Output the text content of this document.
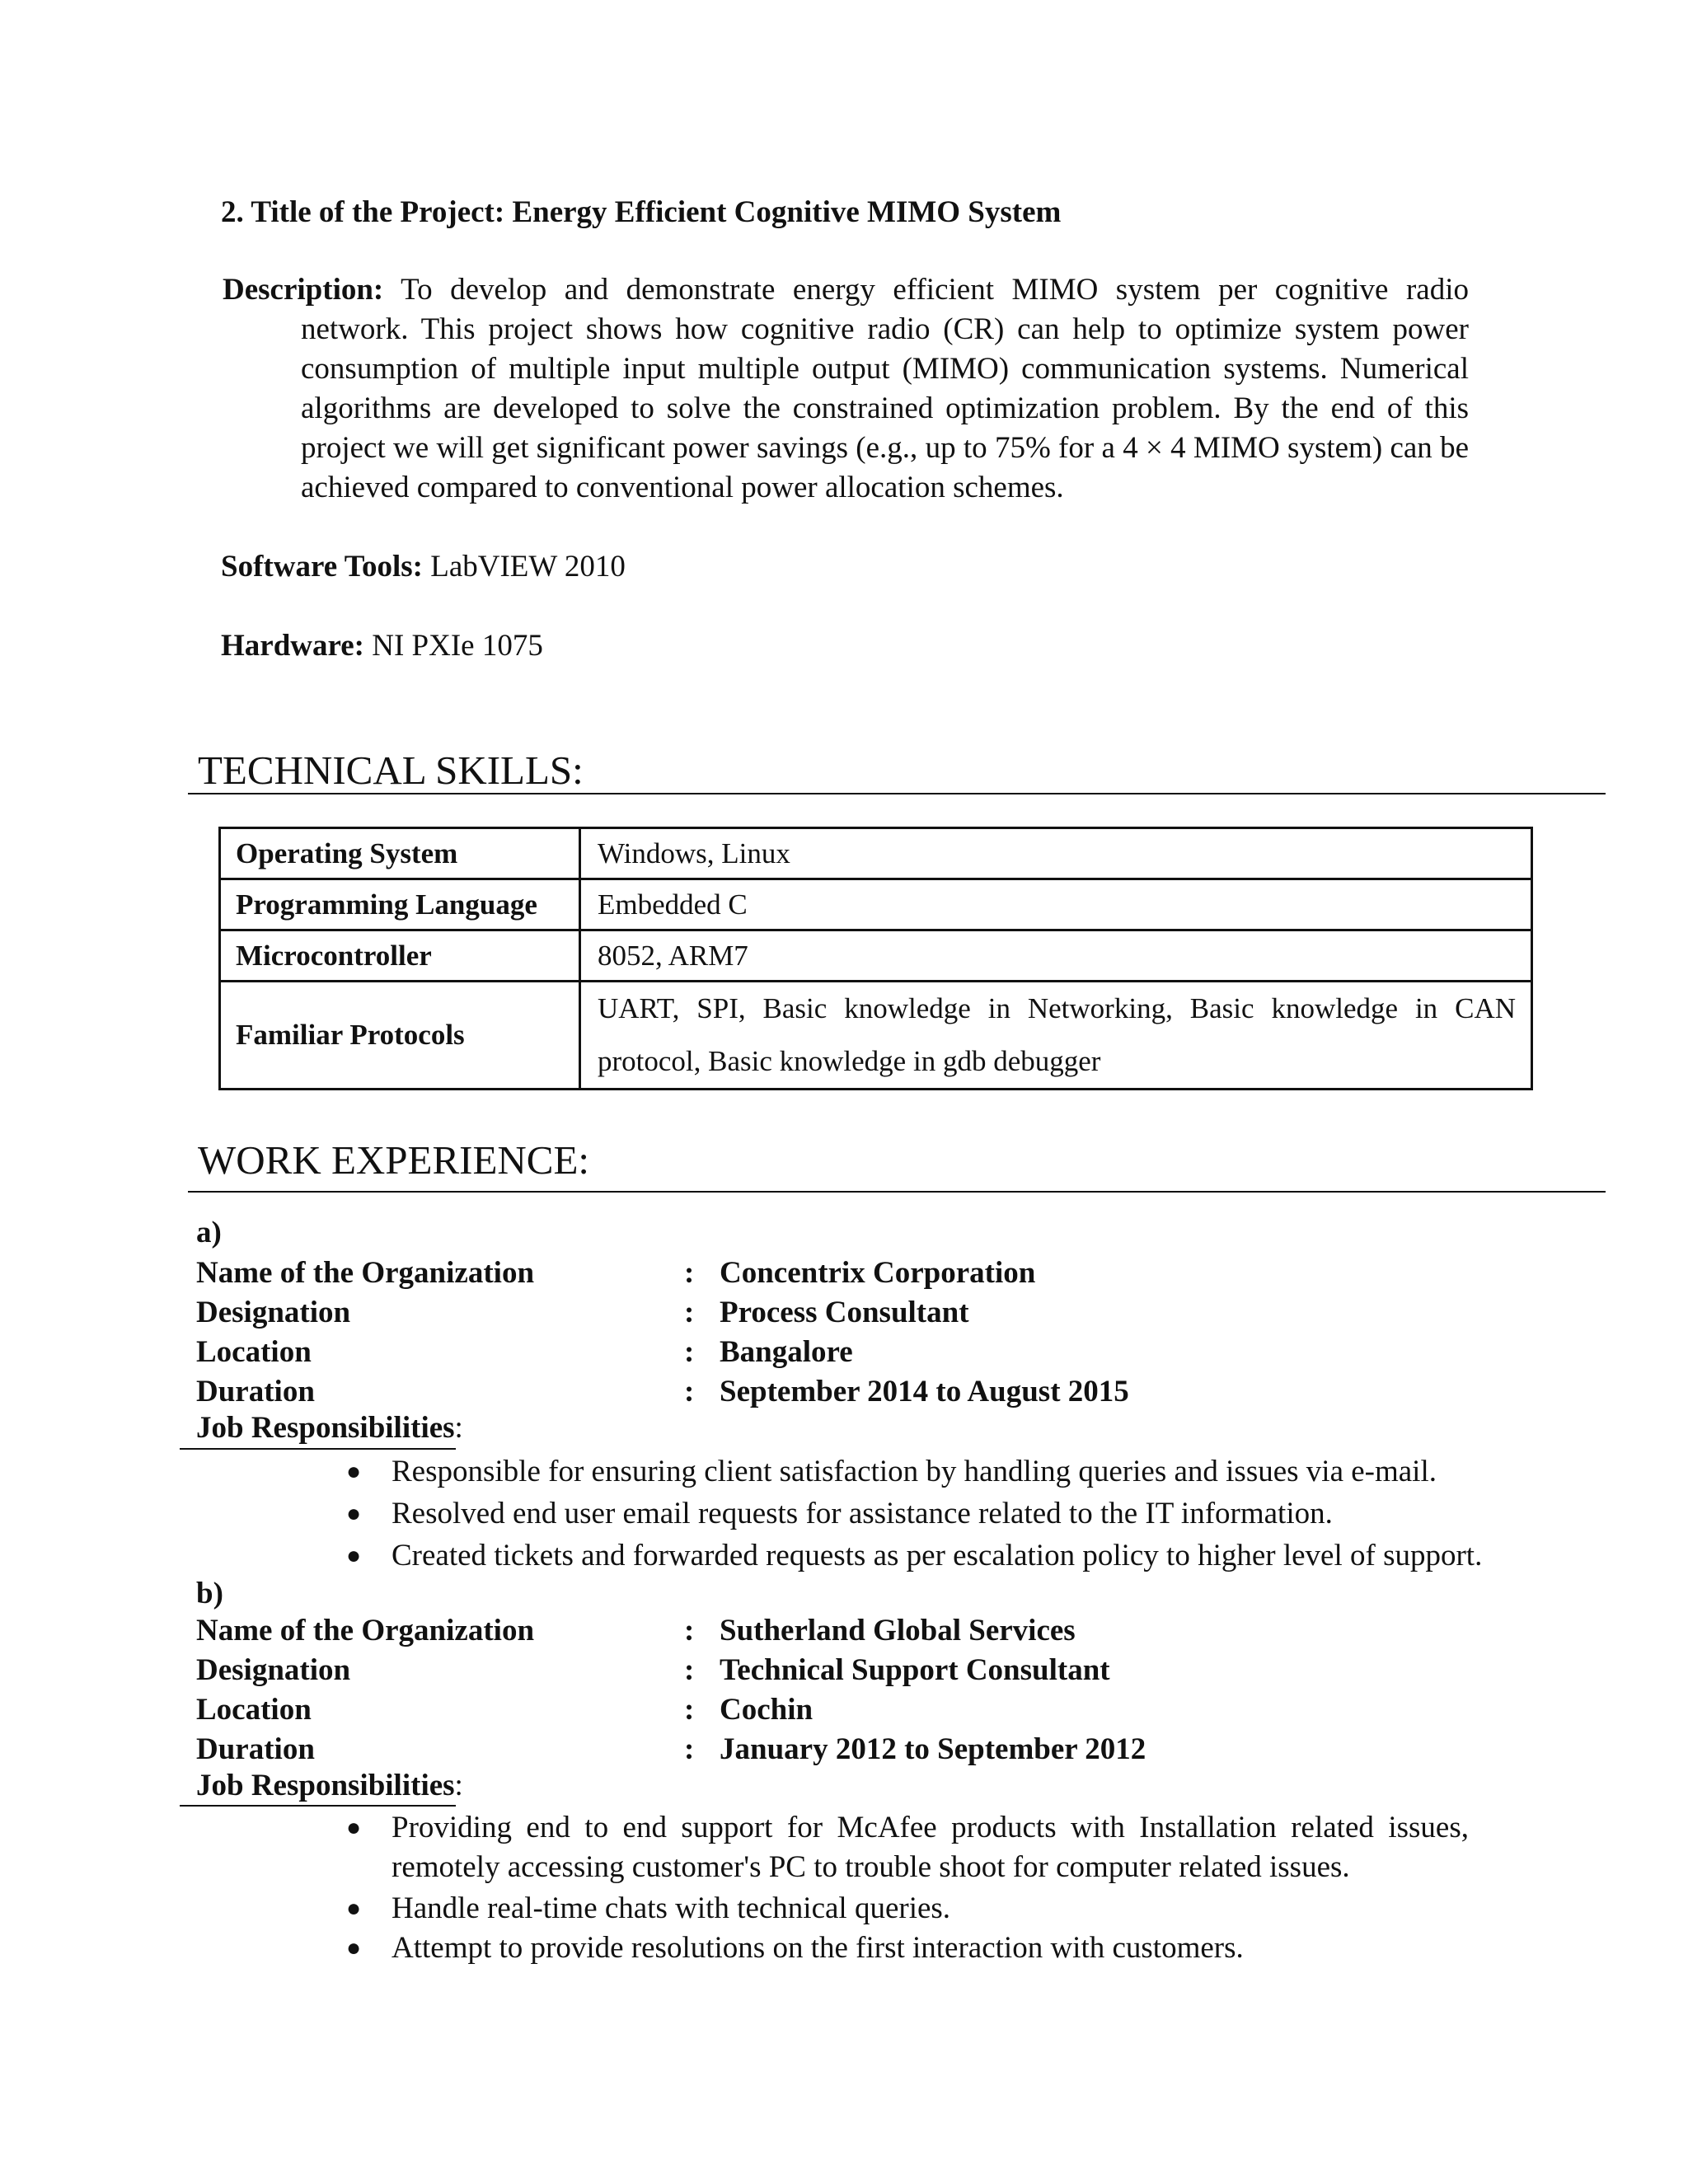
2. Title of the Project: Energy Efficient Cognitive MIMO System
Description: To develop and demonstrate energy efficient MIMO system per cognitive radio network. This project shows how cognitive radio (CR) can help to optimize system power consumption of multiple input multiple output (MIMO) communication systems. Numerical algorithms are developed to solve the constrained optimization problem. By the end of this project we will get significant power savings (e.g., up to 75% for a 4 × 4 MIMO system) can be achieved compared to conventional power allocation schemes.
Software Tools: LabVIEW 2010
Hardware: NI PXIe 1075
TECHNICAL SKILLS:
Operating System	Windows, Linux
Programming Language	Embedded C
Microcontroller	8052, ARM7
Familiar Protocols	UART, SPI, Basic knowledge in Networking, Basic knowledge in CAN protocol, Basic knowledge in gdb debugger
WORK EXPERIENCE:
a)
Name of the Organization	: Concentrix Corporation
Designation	: Process Consultant
Location	: Bangalore
Duration	: September 2014 to August 2015
Job Responsibilities:
● Responsible for ensuring client satisfaction by handling queries and issues via e-mail.
● Resolved end user email requests for assistance related to the IT information.
● Created tickets and forwarded requests as per escalation policy to higher level of support.
b)
Name of the Organization	: Sutherland Global Services
Designation	: Technical Support Consultant
Location	: Cochin
Duration	: January 2012 to September 2012
Job Responsibilities:
● Providing end to end support for McAfee products with Installation related issues, remotely accessing customer's PC to trouble shoot for computer related issues.
● Handle real-time chats with technical queries.
● Attempt to provide resolutions on the first interaction with customers.
